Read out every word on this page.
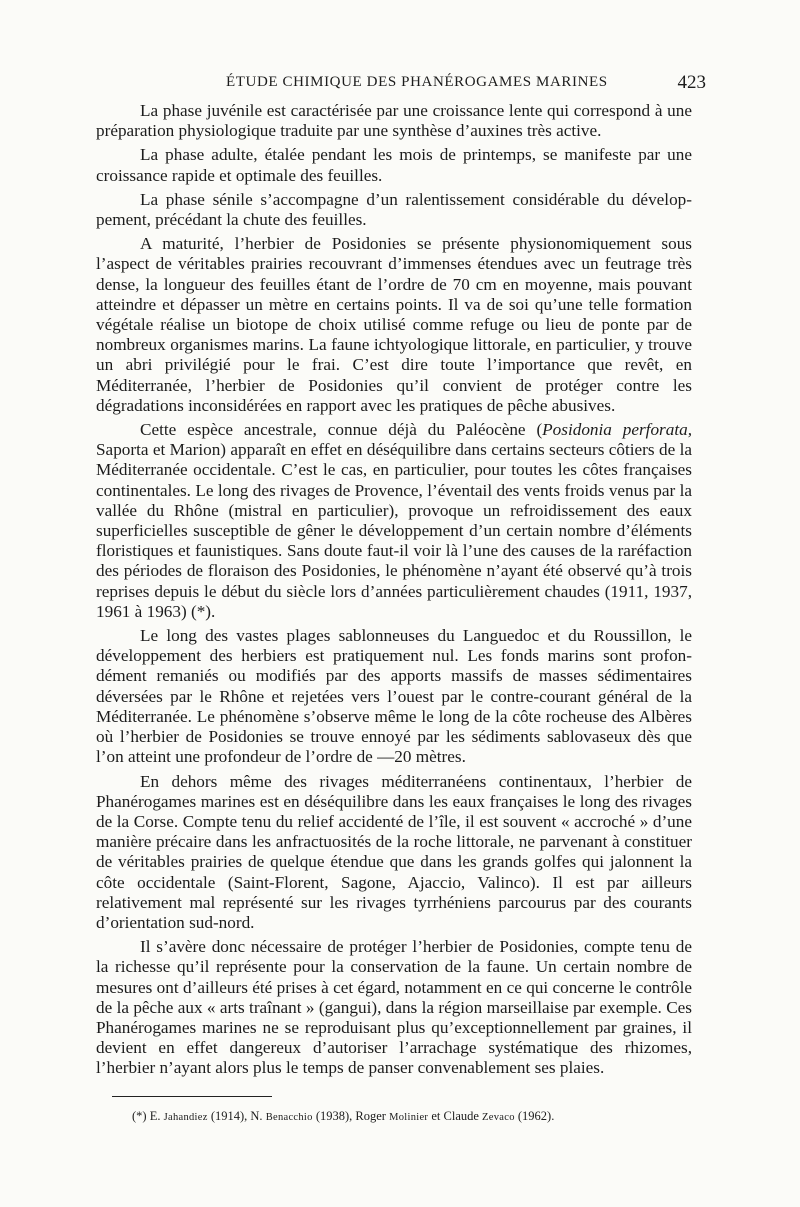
ÉTUDE CHIMIQUE DES PHANÉROGAMES MARINES	423

La phase juvénile est caractérisée par une croissance lente qui correspond à une préparation physiologique traduite par une synthèse d’auxines très active.

La phase adulte, étalée pendant les mois de printemps, se manifeste par une croissance rapide et optimale des feuilles.

La phase sénile s’accompagne d’un ralentissement considérable du développement, précédant la chute des feuilles.

A maturité, l’herbier de Posidonies se présente physionomiquement sous l’aspect de véritables prairies recouvrant d’immenses étendues avec un feutrage très dense, la longueur des feuilles étant de l’ordre de 70 cm en moyenne, mais pouvant atteindre et dépasser un mètre en certains points. Il va de soi qu’une telle formation végétale réalise un biotope de choix utilisé comme refuge ou lieu de ponte par de nombreux organismes marins. La faune ichtyologique littorale, en particulier, y trouve un abri privilégié pour le frai. C’est dire toute l’importance que revêt, en Méditerranée, l’herbier de Posidonies qu’il convient de protéger contre les dégradations inconsidérées en rapport avec les pratiques de pêche abusives.

Cette espèce ancestrale, connue déjà du Paléocène (Posidonia perforata, Saporta et Marion) apparaît en effet en déséquilibre dans certains secteurs côtiers de la Méditerranée occidentale. C’est le cas, en particulier, pour toutes les côtes françaises continentales. Le long des rivages de Provence, l’éventail des vents froids venus par la vallée du Rhône (mistral en particulier), provoque un refroidissement des eaux superficielles susceptible de gêner le développement d’un certain nombre d’éléments floristiques et faunistiques. Sans doute faut-il voir là l’une des causes de la raréfaction des périodes de floraison des Posidonies, le phénomène n’ayant été observé qu’à trois reprises depuis le début du siècle lors d’années particulièrement chaudes (1911, 1937, 1961 à 1963) (*).

Le long des vastes plages sablonneuses du Languedoc et du Roussillon, le développement des herbiers est pratiquement nul. Les fonds marins sont profondément remaniés ou modifiés par des apports massifs de masses sédimentaires déversées par le Rhône et rejetées vers l’ouest par le contre-courant général de la Méditerranée. Le phénomène s’observe même le long de la côte rocheuse des Albères où l’herbier de Posidonies se trouve ennoyé par les sédiments sablovaseux dès que l’on atteint une profondeur de l’ordre de —20 mètres.

En dehors même des rivages méditerranéens continentaux, l’herbier de Phanérogames marines est en déséquilibre dans les eaux françaises le long des rivages de la Corse. Compte tenu du relief accidenté de l’île, il est souvent « accroché » d’une manière précaire dans les anfractuosités de la roche littorale, ne parvenant à constituer de véritables prairies de quelque étendue que dans les grands golfes qui jalonnent la côte occidentale (Saint-Florent, Sagone, Ajaccio, Valinco). Il est par ailleurs relativement mal représenté sur les rivages tyrrhéniens parcourus par des courants d’orientation sud-nord.

Il s’avère donc nécessaire de protéger l’herbier de Posidonies, compte tenu de la richesse qu’il représente pour la conservation de la faune. Un certain nombre de mesures ont d’ailleurs été prises à cet égard, notamment en ce qui concerne le contrôle de la pêche aux « arts traînant » (gangui), dans la région marseillaise par exemple. Ces Phanérogames marines ne se reproduisant plus qu’exceptionnellement par graines, il devient en effet dangereux d’autoriser l’arrachage systématique des rhizomes, l’herbier n’ayant alors plus le temps de panser convenablement ses plaies.

(*) E. Jahandiez (1914), N. Benacchio (1938), Roger Molinier et Claude Zevaco (1962).
